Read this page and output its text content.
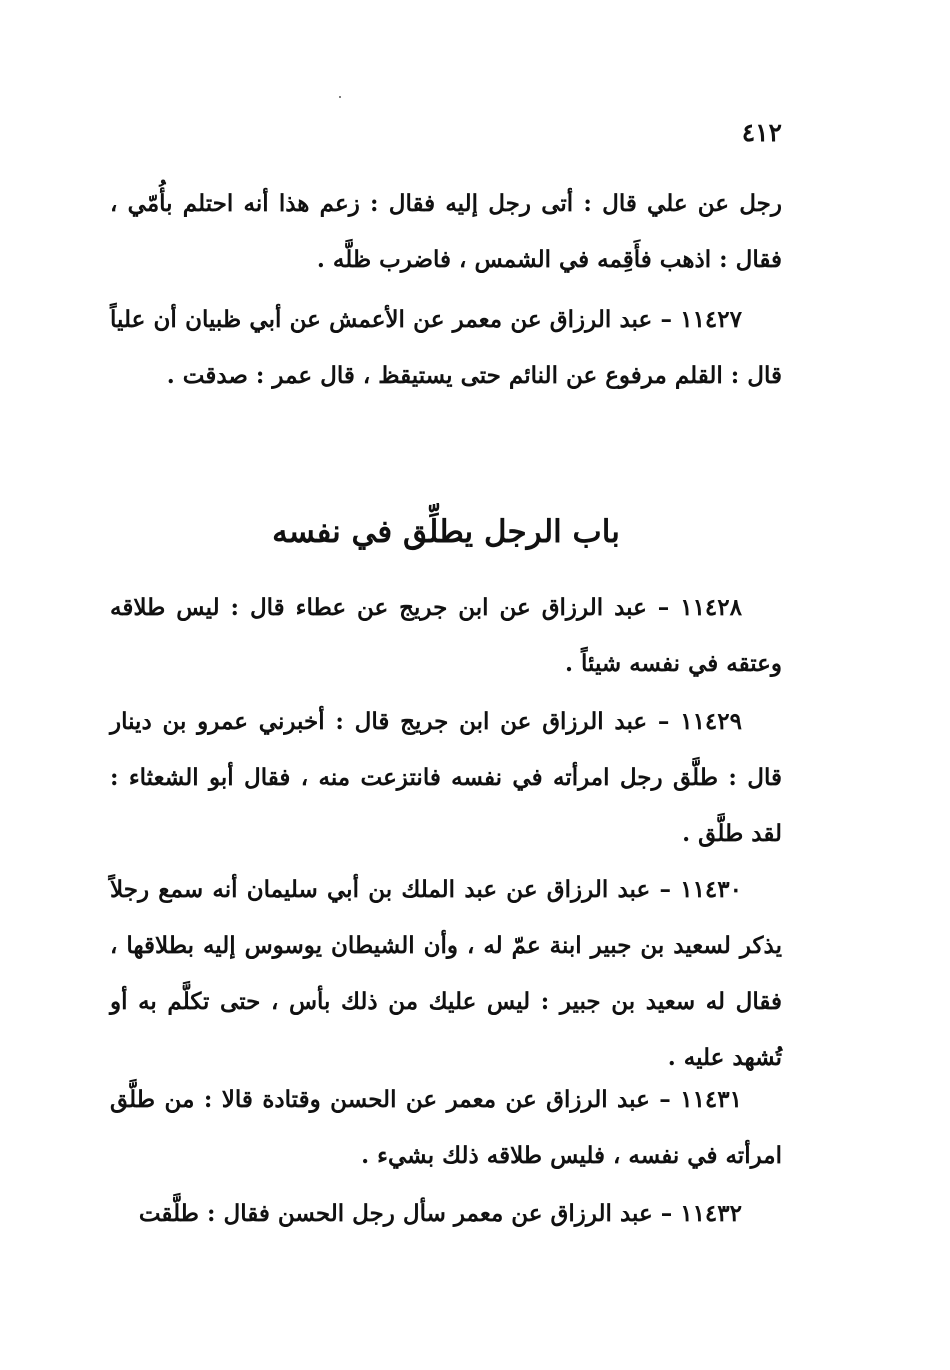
٤١٢

رجل عن علي قال : أتى رجل إليه فقال : زعم هذا أنه احتلم بأُمّي ، فقال : اذهب فأَقِمه في الشمس ، فاضرب ظلَّه .

١١٤٢٧ – عبد الرزاق عن معمر عن الأعمش عن أبي ظبيان أن علياً قال : القلم مرفوع عن النائم حتى يستيقظ ، قال عمر : صدقت .

باب الرجل يطلِّق في نفسه

١١٤٢٨ – عبد الرزاق عن ابن جريج عن عطاء قال : ليس طلاقه وعتقه في نفسه شيئاً .

١١٤٢٩ – عبد الرزاق عن ابن جريج قال : أخبرني عمرو بن دينار قال : طلَّق رجل امرأته في نفسه فانتزعت منه ، فقال أبو الشعثاء : لقد طلَّق .

١١٤٣٠ – عبد الرزاق عن عبد الملك بن أبي سليمان أنه سمع رجلاً يذكر لسعيد بن جبير ابنة عمّ له ، وأن الشيطان يوسوس إليه بطلاقها ، فقال له سعيد بن جبير : ليس عليك من ذلك بأس ، حتى تكلَّم به أو تُشهد عليه .

١١٤٣١ – عبد الرزاق عن معمر عن الحسن وقتادة قالا : من طلَّق امرأته في نفسه ، فليس طلاقه ذلك بشيء .

١١٤٣٢ – عبد الرزاق عن معمر سأل رجل الحسن فقال : طلَّقت
